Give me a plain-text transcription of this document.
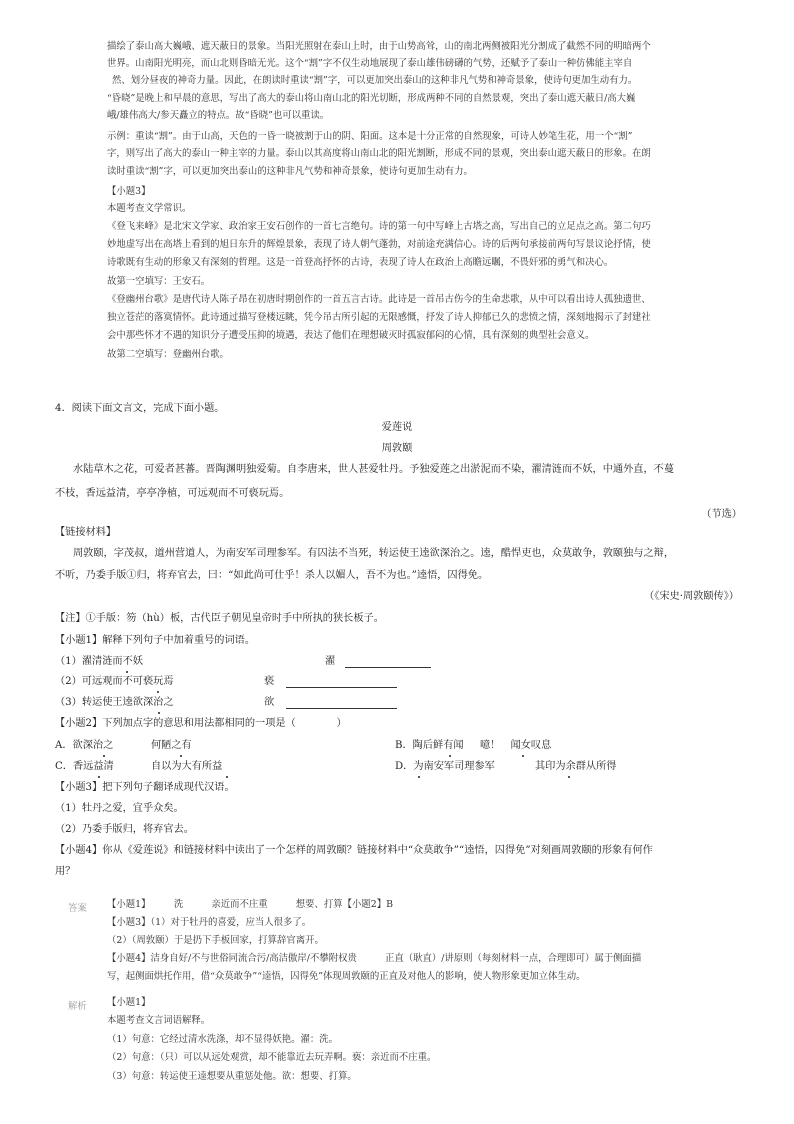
描绘了泰山高大巍峨、遮天蔽日的景象。当阳光照射在泰山上时，由于山势高耸，山的南北两侧被阳光分割成了截然不同的明暗两个
世界。山南阳光明亮，而山北则昏暗无光。这个“割”字不仅生动地展现了泰山雄伟磅礴的气势，还赋予了泰山一种仿佛能主宰自
然、划分昼夜的神奇力量。因此，在朗读时重读“割”字，可以更加突出泰山的这种非凡气势和神奇景象，使诗句更加生动有力。
“昏晓”是晚上和早晨的意思，写出了高大的泰山将山南山北的阳光切断，形成两种不同的自然景观，突出了泰山遮天蔽日/高大巍
峨/雄伟高大/参天矗立的特点。故“昏晓”也可以重读。
示例：重读“割”。由于山高，天色的一昏一晓被割于山的阴、阳面。这本是十分正常的自然现象，可诗人妙笔生花，用一个“割”
字，则写出了高大的泰山一种主宰的力量。泰山以其高度将山南山北的阳光割断，形成不同的景观，突出泰山遮天蔽日的形象。在朗
读时重读“割”字，可以更加突出泰山的这种非凡气势和神奇景象，使诗句更加生动有力。
【小题3】
本题考查文学常识。
《登飞来峰》是北宋文学家、政治家王安石创作的一首七言绝句。诗的第一句中写峰上古塔之高，写出自己的立足点之高。第二句巧
妙地虚写出在高塔上看到的旭日东升的辉煌景象，表现了诗人朝气蓬勃，对前途充满信心。诗的后两句承接前两句写景议论抒情，使
诗歌既有生动的形象又有深刻的哲理。这是一首登高抒怀的古诗，表现了诗人在政治上高瞻远瞩，不畏奸邪的勇气和决心。
故第一空填写：王安石。
《登幽州台歌》是唐代诗人陈子昂在初唐时期创作的一首五言古诗。此诗是一首吊古伤今的生命悲歌，从中可以看出诗人孤独遗世、
独立苍茫的落寞情怀。此诗通过描写登楼远眺，凭今吊古所引起的无限感慨，抒发了诗人抑郁已久的悲愤之情，深刻地揭示了封建社
会中那些怀才不遇的知识分子遭受压抑的境遇，表达了他们在理想破灭时孤寂郁闷的心情，具有深刻的典型社会意义。
故第二空填写：登幽州台歌。
4．阅读下面文言文，完成下面小题。
爱莲说
周敦颐
水陆草木之花，可爱者甚蕃。晋陶渊明独爱菊。自李唐来，世人甚爱牡丹。予独爱莲之出淤泥而不染，濯清涟而不妖，中通外直，不蔓
不枝，香远益清，亭亭净植，可远观而不可亵玩焉。
（节选）
【链接材料】
周敦颐，字茂叔，道州营道人，为南安军司理参军。有囚法不当死，转运使王逵欲深治之。逵，酷悍吏也，众莫敢争，敦颐独与之辩，
不听，乃委手版①归，将弃官去，曰：“如此尚可仕乎！杀人以媚人，吾不为也。”逵悟，囚得免。
（《宋史·周敦颐传》）
【注】①手版：笏（hù）板，古代臣子朝见皇帝时手中所执的狭长板子。
【小题1】解释下列句子中加着重号的词语。
（1）濯清涟而不妖	濯
（2）可远观而不可亵玩焉	亵
（3）转运使王逵欲深治之	欲
【小题2】下列加点字的意思和用法都相同的一项是（　　　　）
A．欲深治之	何陋之有	B．陶后鲜有闻 噫！　闻女叹息
C．香远益清	自以为大有所益	D．为南安军司理参军	其印为余群从所得
【小题3】把下列句子翻译成现代汉语。
（1）牡丹之爱，宜乎众矣。
（2）乃委手版归，将弃官去。
【小题4】你从《爱莲说》和链接材料中读出了一个怎样的周敦颐？链接材料中“众莫敢争”“逵悟，囚得免”对刻画周敦颐的形象有何作
用？
答案 【小题1】　　　洗　　　亲近而不庄重　　　想要、打算【小题2】B
【小题3】（1）对于牡丹的喜爱，应当人很多了。
（2）（周敦颐）于是扔下手板回家，打算辞官离开。
【小题4】洁身自好/不与世俗同流合污/高洁傲岸/不攀附权贵　　　正直（耿直）/讲原则（每刻材料一点，合理即可）属于侧面描
写，起侧面烘托作用，借“众莫敢争”“逵悟，囚得免”体现周敦颐的正直及对他人的影响，使人物形象更加立体生动。
解析 【小题1】
本题考查文言词语解释。
（1）句意：它经过清水洗涤，却不显得妖艳。濯：洗。
（2）句意：（只）可以从远处观赏，却不能靠近去玩弄啊。亵：亲近而不庄重。
（3）句意：转运使王逵想要从重惩处他。欲：想要、打算。
